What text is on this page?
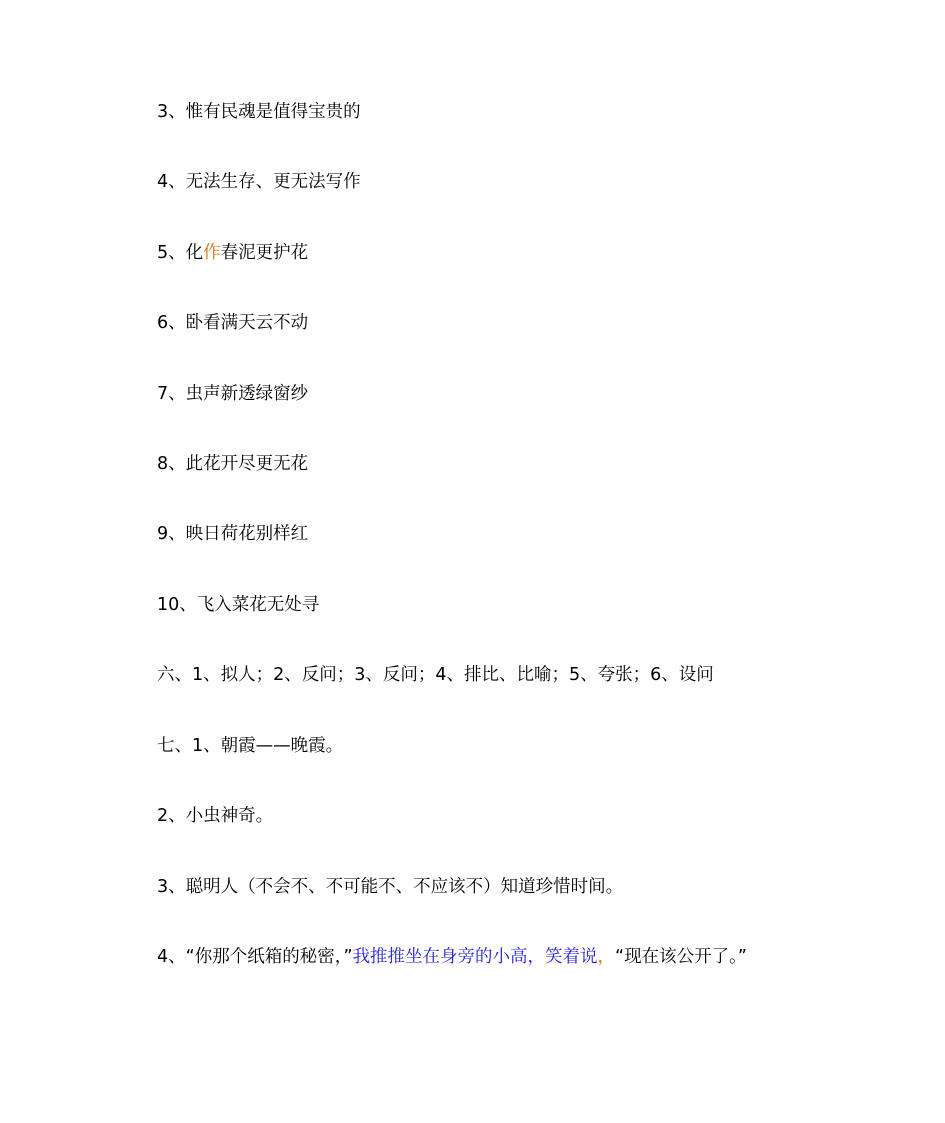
3、惟有民魂是值得宝贵的
4、无法生存、更无法写作
5、化作春泥更护花
6、卧看满天云不动
7、虫声新透绿窗纱
8、此花开尽更无花
9、映日荷花别样红
10、飞入菜花无处寻
六、1、拟人；2、反问；3、反问；4、排比、比喻；5、夸张；6、设问
七、1、朝霞——晚霞。
2、小虫神奇。
3、聪明人（不会不、不可能不、不应该不）知道珍惜时间。
4、“你那个纸箱的秘密，”我推推坐在身旁的小高，笑着说，“现在该公开了。”
